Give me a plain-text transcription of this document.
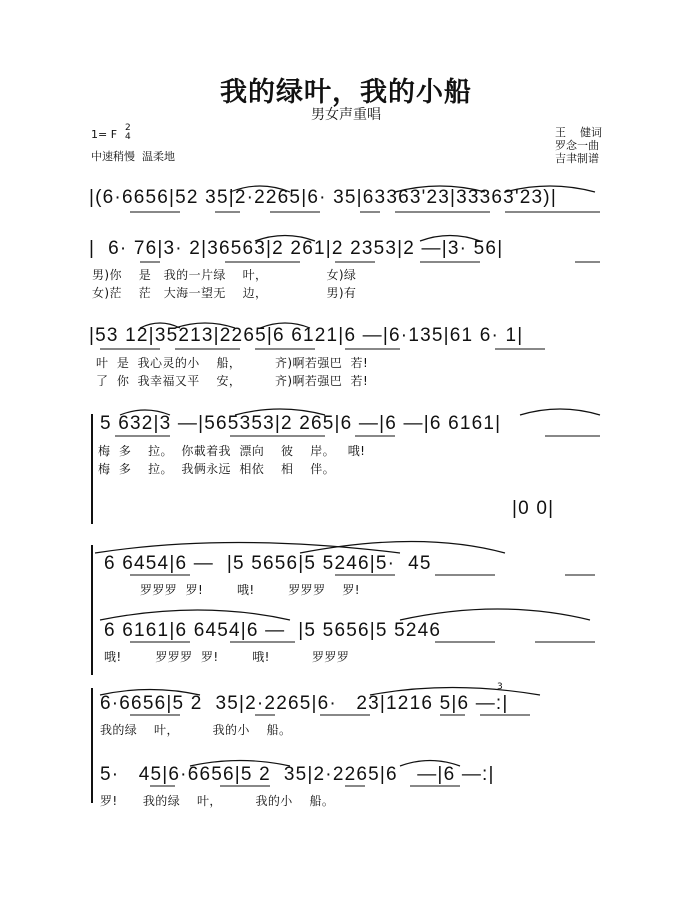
我的绿叶，我的小船
男女声重唱
1= F 2
4
中速稍慢  温柔地
王    健词
罗念一曲
吉聿制谱
|(6·6656|52 35|2·2265|6· 35|63363'23|33363'23)|
|  6· 76|3· 2|36563|2 261|2 2353|2 —|3· 56|
男)你    是   我的一片绿    叶，              女)绿
女)茫    茫   大海一望无    边，              男)有
|53 12|35213|2265|6 6121|6 —|6·135|61 6· 1|
叶  是  我心灵的小    船，        齐)啊若强巴  若!
了  你  我幸福又平    安，        齐)啊若强巴  若!
5 632|3 —|565353|2 265|6 —|6 —|6 6161|
梅  多    拉。  你載着我  漂向    彼    岸。   哦!
梅  多    拉。  我俩永远  相依    相    伴。
|0 0|
6 6454|6 —  |5 5656|5 5246|5·  45
罗罗罗  罗!        哦!        罗罗罗    罗!
6 6161|6 6454|6 —  |5 5656|5 5246
哦!        罗罗罗  罗!        哦!          罗罗罗
6·6656|5 2  35|2·2265|6·   23|1216 5|6 —:|
3
我的绿    叶，        我的小    船。
5·   45|6·6656|5 2  35|2·2265|6   —|6 —:|
罗!      我的绿    叶，        我的小    船。
